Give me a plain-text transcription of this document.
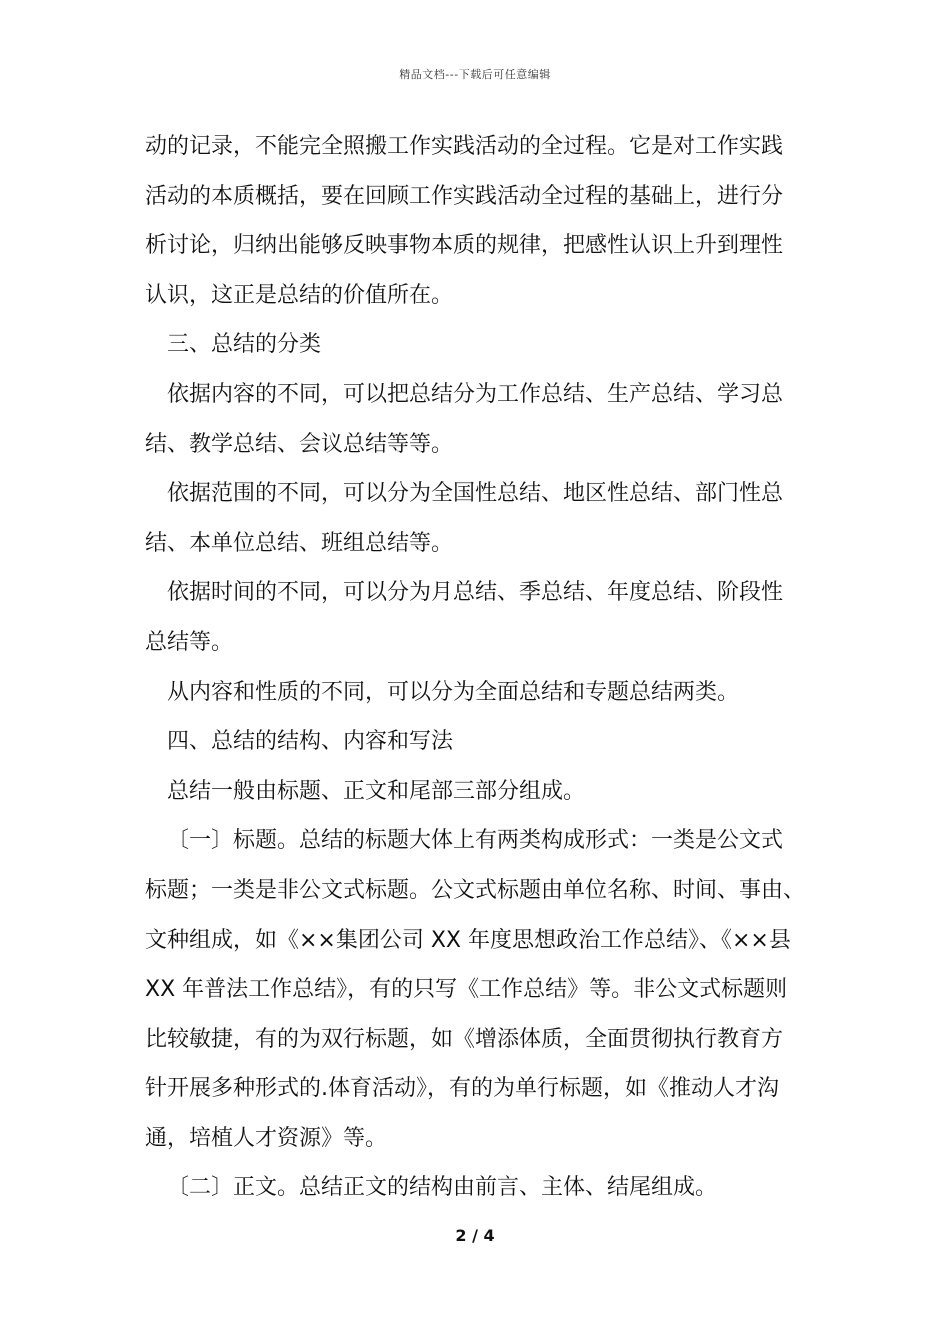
精品文档---下载后可任意编辑
动的记录，不能完全照搬工作实践活动的全过程。它是对工作实践
活动的本质概括，要在回顾工作实践活动全过程的基础上，进行分
析讨论，归纳出能够反映事物本质的规律，把感性认识上升到理性
认识，这正是总结的价值所在。
三、总结的分类
依据内容的不同，可以把总结分为工作总结、生产总结、学习总
结、教学总结、会议总结等等。
依据范围的不同，可以分为全国性总结、地区性总结、部门性总
结、本单位总结、班组总结等。
依据时间的不同，可以分为月总结、季总结、年度总结、阶段性
总结等。
从内容和性质的不同，可以分为全面总结和专题总结两类。
四、总结的结构、内容和写法
总结一般由标题、正文和尾部三部分组成。
〔一〕标题。总结的标题大体上有两类构成形式：一类是公文式
标题；一类是非公文式标题。公文式标题由单位名称、时间、事由、
文种组成，如《××集团公司 XX 年度思想政治工作总结》、《××县
XX 年普法工作总结》，有的只写《工作总结》等。非公文式标题则
比较敏捷，有的为双行标题，如《增添体质，全面贯彻执行教育方
针开展多种形式的.体育活动》，有的为单行标题，如《推动人才沟
通，培植人才资源》等。
〔二〕正文。总结正文的结构由前言、主体、结尾组成。
2 / 4
